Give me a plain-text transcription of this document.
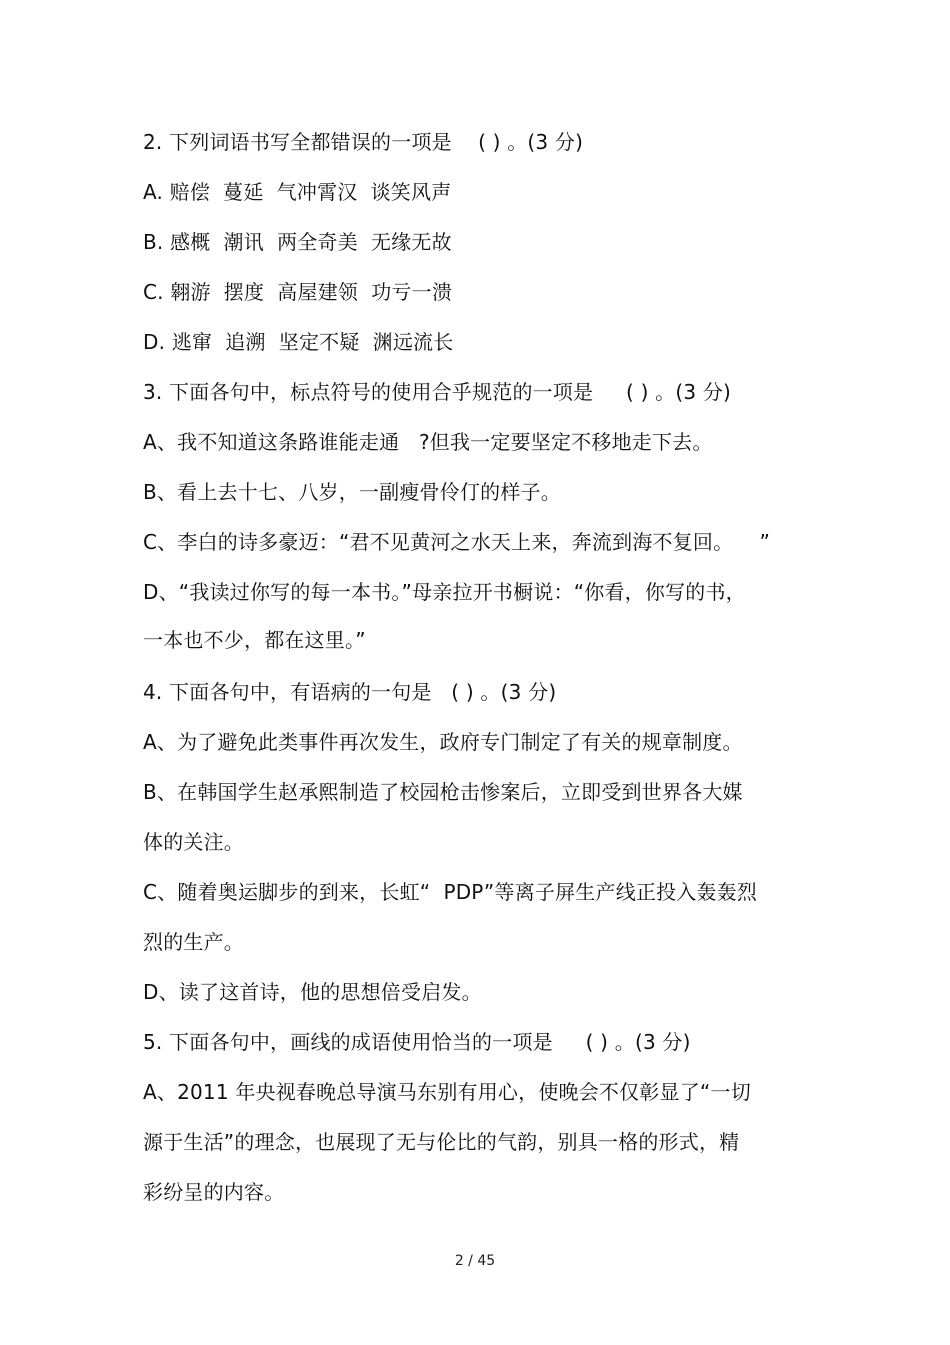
2. 下列词语书写全都错误的一项是    ( ) 。(3 分)
A. 赔偿  蔓延  气冲霄汉  谈笑风声
B. 感概  潮讯  两全奇美  无缘无故
C. 翱游  摆度  高屋建领  功亏一溃
D. 逃窜  追溯  坚定不疑  渊远流长
3. 下面各句中，标点符号的使用合乎规范的一项是     ( ) 。(3 分)
A、我不知道这条路谁能走通   ?但我一定要坚定不移地走下去。
B、看上去十七、八岁，一副瘦骨伶仃的样子。
C、李白的诗多豪迈：“君不见黄河之水天上来，奔流到海不复回。    ”
D、“我读过你写的每一本书。”母亲拉开书橱说：“你看，你写的书，
一本也不少，都在这里。”
4. 下面各句中，有语病的一句是   ( ) 。(3 分)
A、为了避免此类事件再次发生，政府专门制定了有关的规章制度。
B、在韩国学生赵承熙制造了校园枪击惨案后，立即受到世界各大媒
体的关注。
C、随着奥运脚步的到来，长虹“  PDP”等离子屏生产线正投入轰轰烈
烈的生产。
D、读了这首诗，他的思想倍受启发。
5. 下面各句中，画线的成语使用恰当的一项是     ( ) 。(3 分)
A、2011 年央视春晚总导演马东别有用心，使晚会不仅彰显了“一切
源于生活”的理念，也展现了无与伦比的气韵，别具一格的形式，精
彩纷呈的内容。
2 / 45
